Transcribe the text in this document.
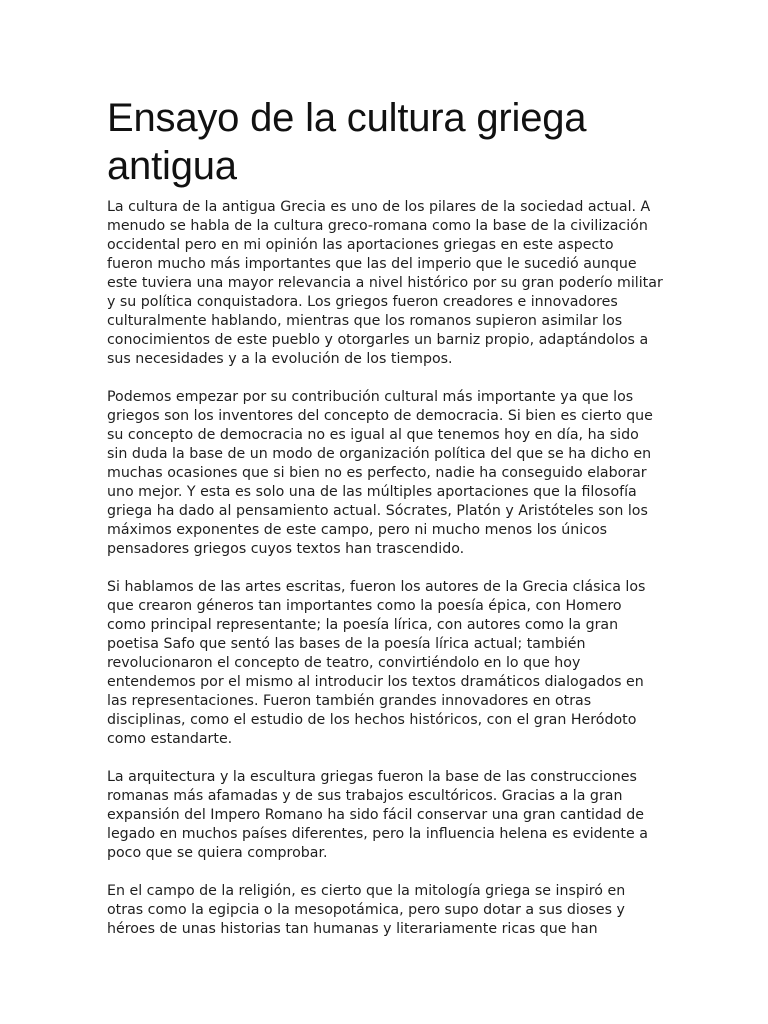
Ensayo de la cultura griega antigua

La cultura de la antigua Grecia es uno de los pilares de la sociedad actual. A menudo se habla de la cultura greco-romana como la base de la civilización occidental pero en mi opinión las aportaciones griegas en este aspecto fueron mucho más importantes que las del imperio que le sucedió aunque este tuviera una mayor relevancia a nivel histórico por su gran poderío militar y su política conquistadora. Los griegos fueron creadores e innovadores culturalmente hablando, mientras que los romanos supieron asimilar los conocimientos de este pueblo y otorgarles un barniz propio, adaptándolos a sus necesidades y a la evolución de los tiempos.

Podemos empezar por su contribución cultural más importante ya que los griegos son los inventores del concepto de democracia. Si bien es cierto que su concepto de democracia no es igual al que tenemos hoy en día, ha sido sin duda la base de un modo de organización política del que se ha dicho en muchas ocasiones que si bien no es perfecto, nadie ha conseguido elaborar uno mejor. Y esta es solo una de las múltiples aportaciones que la filosofía griega ha dado al pensamiento actual. Sócrates, Platón y Aristóteles son los máximos exponentes de este campo, pero ni mucho menos los únicos pensadores griegos cuyos textos han trascendido.

Si hablamos de las artes escritas, fueron los autores de la Grecia clásica los que crearon géneros tan importantes como la poesía épica, con Homero como principal representante; la poesía lírica, con autores como la gran poetisa Safo que sentó las bases de la poesía lírica actual; también revolucionaron el concepto de teatro, convirtiéndolo en lo que hoy entendemos por el mismo al introducir los textos dramáticos dialogados en las representaciones. Fueron también grandes innovadores en otras disciplinas, como el estudio de los hechos históricos, con el gran Heródoto como estandarte.

La arquitectura y la escultura griegas fueron la base de las construcciones romanas más afamadas y de sus trabajos escultóricos. Gracias a la gran expansión del Impero Romano ha sido fácil conservar una gran cantidad de legado en muchos países diferentes, pero la influencia helena es evidente a poco que se quiera comprobar.

En el campo de la religión, es cierto que la mitología griega se inspiró en otras como la egipcia o la mesopotámica, pero supo dotar a sus dioses y héroes de unas historias tan humanas y literariamente ricas que han
